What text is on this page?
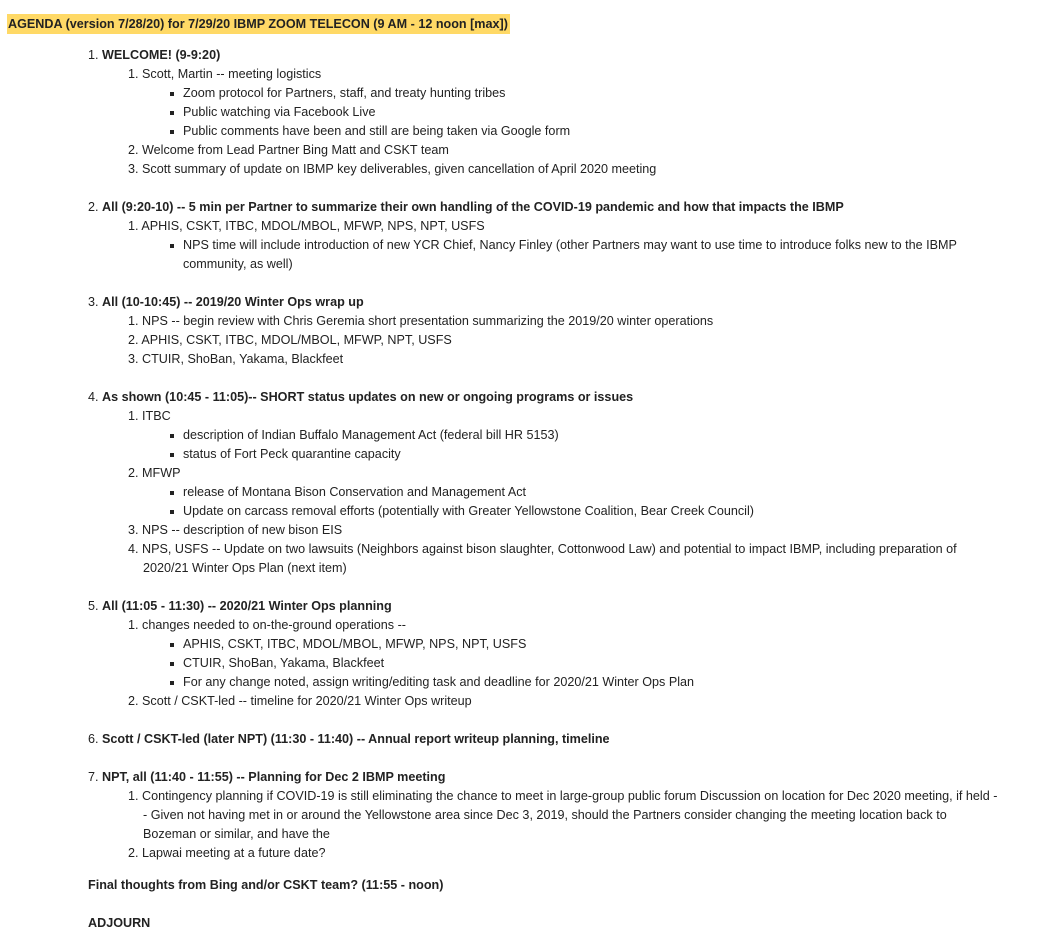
AGENDA (version 7/28/20) for 7/29/20 IBMP ZOOM TELECON (9 AM - 12 noon [max])
1. WELCOME! (9-9:20)
1. Scott, Martin -- meeting logistics
Zoom protocol for Partners, staff, and treaty hunting tribes
Public watching via Facebook Live
Public comments have been and still are being taken via Google form
2. Welcome from Lead Partner Bing Matt and CSKT team
3. Scott summary of update on IBMP key deliverables, given cancellation of April 2020 meeting
2. All (9:20-10) -- 5 min per Partner to summarize their own handling of the COVID-19 pandemic and how that impacts the IBMP
1. APHIS, CSKT, ITBC, MDOL/MBOL, MFWP, NPS, NPT, USFS
NPS time will include introduction of new YCR Chief, Nancy Finley (other Partners may want to use time to introduce folks new to the IBMP
community, as well)
3. All (10-10:45) -- 2019/20 Winter Ops wrap up
1. NPS -- begin review with Chris Geremia short presentation summarizing the 2019/20 winter operations
2. APHIS, CSKT, ITBC, MDOL/MBOL, MFWP, NPT, USFS
3. CTUIR, ShoBan, Yakama, Blackfeet
4. As shown (10:45 - 11:05)-- SHORT status updates on new or ongoing programs or issues
1. ITBC
description of Indian Buffalo Management Act (federal bill HR 5153)
status of Fort Peck quarantine capacity
2. MFWP
release of Montana Bison Conservation and Management Act
Update on carcass removal efforts (potentially with Greater Yellowstone Coalition, Bear Creek Council)
3. NPS -- description of new bison EIS
4. NPS, USFS -- Update on two lawsuits (Neighbors against bison slaughter, Cottonwood Law) and potential to impact IBMP, including preparation of
2020/21 Winter Ops Plan (next item)
5. All (11:05 - 11:30) -- 2020/21 Winter Ops planning
1. changes needed to on-the-ground operations --
APHIS, CSKT, ITBC, MDOL/MBOL, MFWP, NPS, NPT, USFS
CTUIR, ShoBan, Yakama, Blackfeet
For any change noted, assign writing/editing task and deadline for 2020/21 Winter Ops Plan
2. Scott / CSKT-led -- timeline for 2020/21 Winter Ops writeup
6. Scott / CSKT-led (later NPT) (11:30 - 11:40) -- Annual report writeup planning, timeline
7. NPT, all (11:40 - 11:55) -- Planning for Dec 2 IBMP meeting
1. Contingency planning if COVID-19 is still eliminating the chance to meet in large-group public forum Discussion on location for Dec 2020 meeting, if held -
- Given not having met in or around the Yellowstone area since Dec 3, 2019, should the Partners consider changing the meeting location back to
Bozeman or similar, and have the
2. Lapwai meeting at a future date?
Final thoughts from Bing and/or CSKT team? (11:55 - noon)
ADJOURN
